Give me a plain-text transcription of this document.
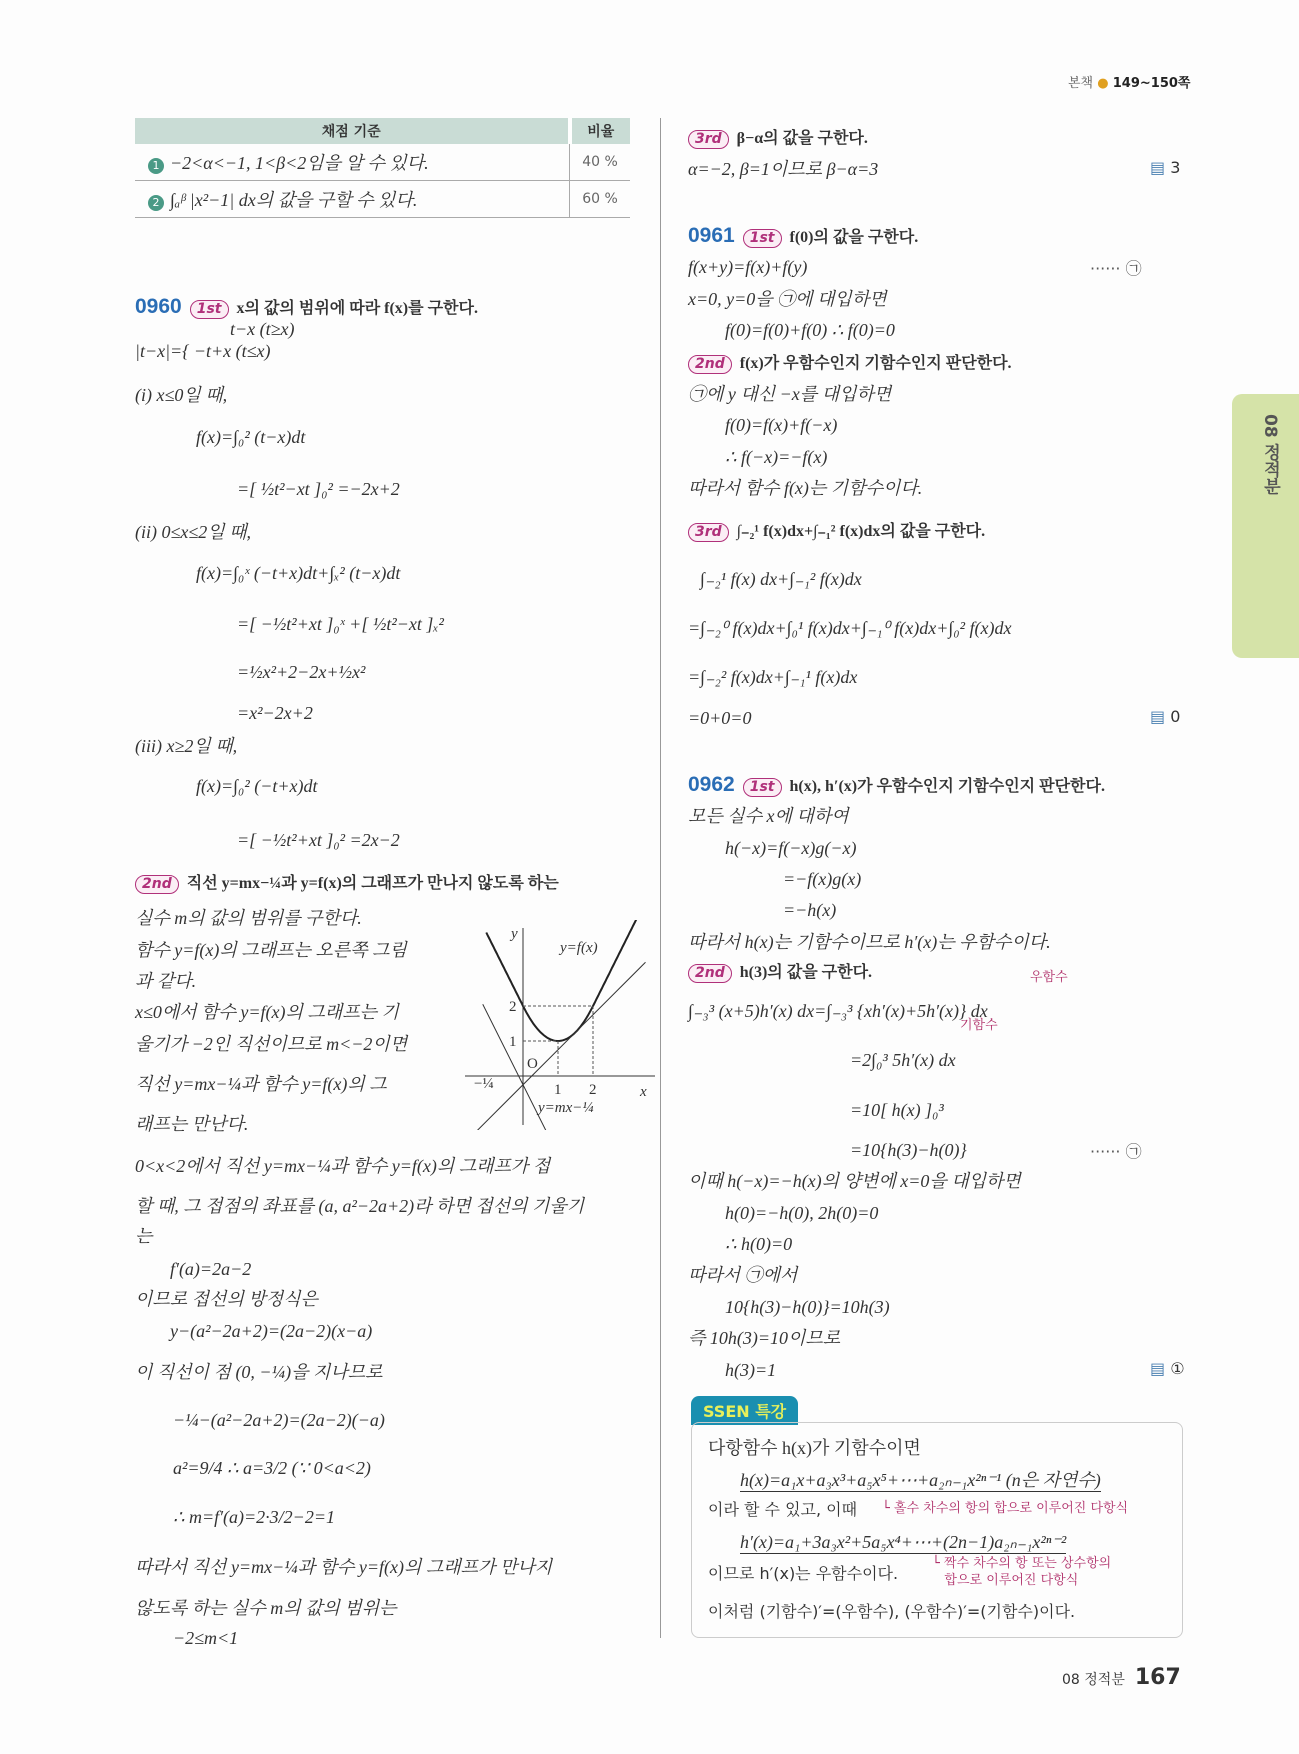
본책 ● 149~150쪽
채점 기준	비율
1 −2<α<−1, 1<β<2임을 알 수 있다.	40 %
2 ∫ₐᵝ |x²−1| dx의 값을 구할 수 있다.	60 %
0960 1st x의 값의 범위에 따라 f(x)를 구한다.
t−x (t≥x)
|t−x|={ −t+x (t≤x)
(i) x≤0일 때,
f(x)=∫₀² (t−x)dt
=[ ½t²−xt ]₀² =−2x+2
(ii) 0≤x≤2일 때,
f(x)=∫₀ˣ (−t+x)dt+∫ₓ² (t−x)dt
=[ −½t²+xt ]₀ˣ +[ ½t²−xt ]ₓ²
=½x²+2−2x+½x²
=x²−2x+2
(iii) x≥2일 때,
f(x)=∫₀² (−t+x)dt
=[ −½t²+xt ]₀² =2x−2
2nd 직선 y=mx−¼과 y=f(x)의 그래프가 만나지 않도록 하는
실수 m의 값의 범위를 구한다.
함수 y=f(x)의 그래프는 오른쪽 그림
과 같다.
x≤0에서 함수 y=f(x)의 그래프는 기
울기가 −2인 직선이므로 m<−2이면
직선 y=mx−¼과 함수 y=f(x)의 그
래프는 만난다.
0<x<2에서 직선 y=mx−¼과 함수 y=f(x)의 그래프가 접
할 때, 그 접점의 좌표를 (a, a²−2a+2)라 하면 접선의 기울기
는
f′(a)=2a−2
이므로 접선의 방정식은
y−(a²−2a+2)=(2a−2)(x−a)
이 직선이 점 (0, −¼)을 지나므로
−¼−(a²−2a+2)=(2a−2)(−a)
a²=9/4 ∴ a=3/2 (∵ 0<a<2)
∴ m=f′(a)=2·3/2−2=1
따라서 직선 y=mx−¼과 함수 y=f(x)의 그래프가 만나지
않도록 하는 실수 m의 값의 범위는
−2≤m<1
3rd β−α의 값을 구한다.
α=−2, β=1이므로 β−α=3	▤ 3
0961 1st f(0)의 값을 구한다.
f(x+y)=f(x)+f(y)	······ ㉠
x=0, y=0을 ㉠에 대입하면
f(0)=f(0)+f(0) ∴ f(0)=0
2nd f(x)가 우함수인지 기함수인지 판단한다.
㉠에 y 대신 −x를 대입하면
f(0)=f(x)+f(−x)
∴ f(−x)=−f(x)
따라서 함수 f(x)는 기함수이다.
3rd ∫₋₂¹ f(x)dx+∫₋₁² f(x)dx의 값을 구한다.
∫₋₂¹ f(x) dx+∫₋₁² f(x)dx
=∫₋₂⁰ f(x)dx+∫₀¹ f(x)dx+∫₋₁⁰ f(x)dx+∫₀² f(x)dx
=∫₋₂² f(x)dx+∫₋₁¹ f(x)dx
=0+0=0	▤ 0
0962 1st h(x), h′(x)가 우함수인지 기함수인지 판단한다.
모든 실수 x에 대하여
h(−x)=f(−x)g(−x)
=−f(x)g(x)
=−h(x)
따라서 h(x)는 기함수이므로 h′(x)는 우함수이다.
2nd h(3)의 값을 구한다.
∫₋₃³ (x+5)h′(x) dx=∫₋₃³ {xh′(x)+5h′(x)} dx
=2∫₀³ 5h′(x) dx
=10[ h(x) ]₀³
=10{h(3)−h(0)}	······ ㉠
이때 h(−x)=−h(x)의 양변에 x=0을 대입하면
h(0)=−h(0), 2h(0)=0
∴ h(0)=0
따라서 ㉠에서
10{h(3)−h(0)}=10h(3)
즉 10h(3)=10이므로
h(3)=1	▤ ①
1 2
1
2
O
x
y
y=f(x)
y=mx−¼
−¼
우함수
기함수
08 정적분
SSEN 특강
다항함수 h(x)가 기함수이면
h(x)=a₁x+a₃x³+a₅x⁵+⋯+a₂ₙ₋₁x²ⁿ⁻¹ (n은 자연수)
이라 할 수 있고, 이때 └ 홀수 차수의 항의 합으로 이루어진 다항식
h′(x)=a₁+3a₃x²+5a₅x⁴+⋯+(2n−1)a₂ₙ₋₁x²ⁿ⁻²
이므로 h′(x)는 우함수이다.
└ 짝수 차수의 항 또는 상수항의
합으로 이루어진 다항식
이처럼 (기함수)′=(우함수), (우함수)′=(기함수)이다.
08 정적분 167
